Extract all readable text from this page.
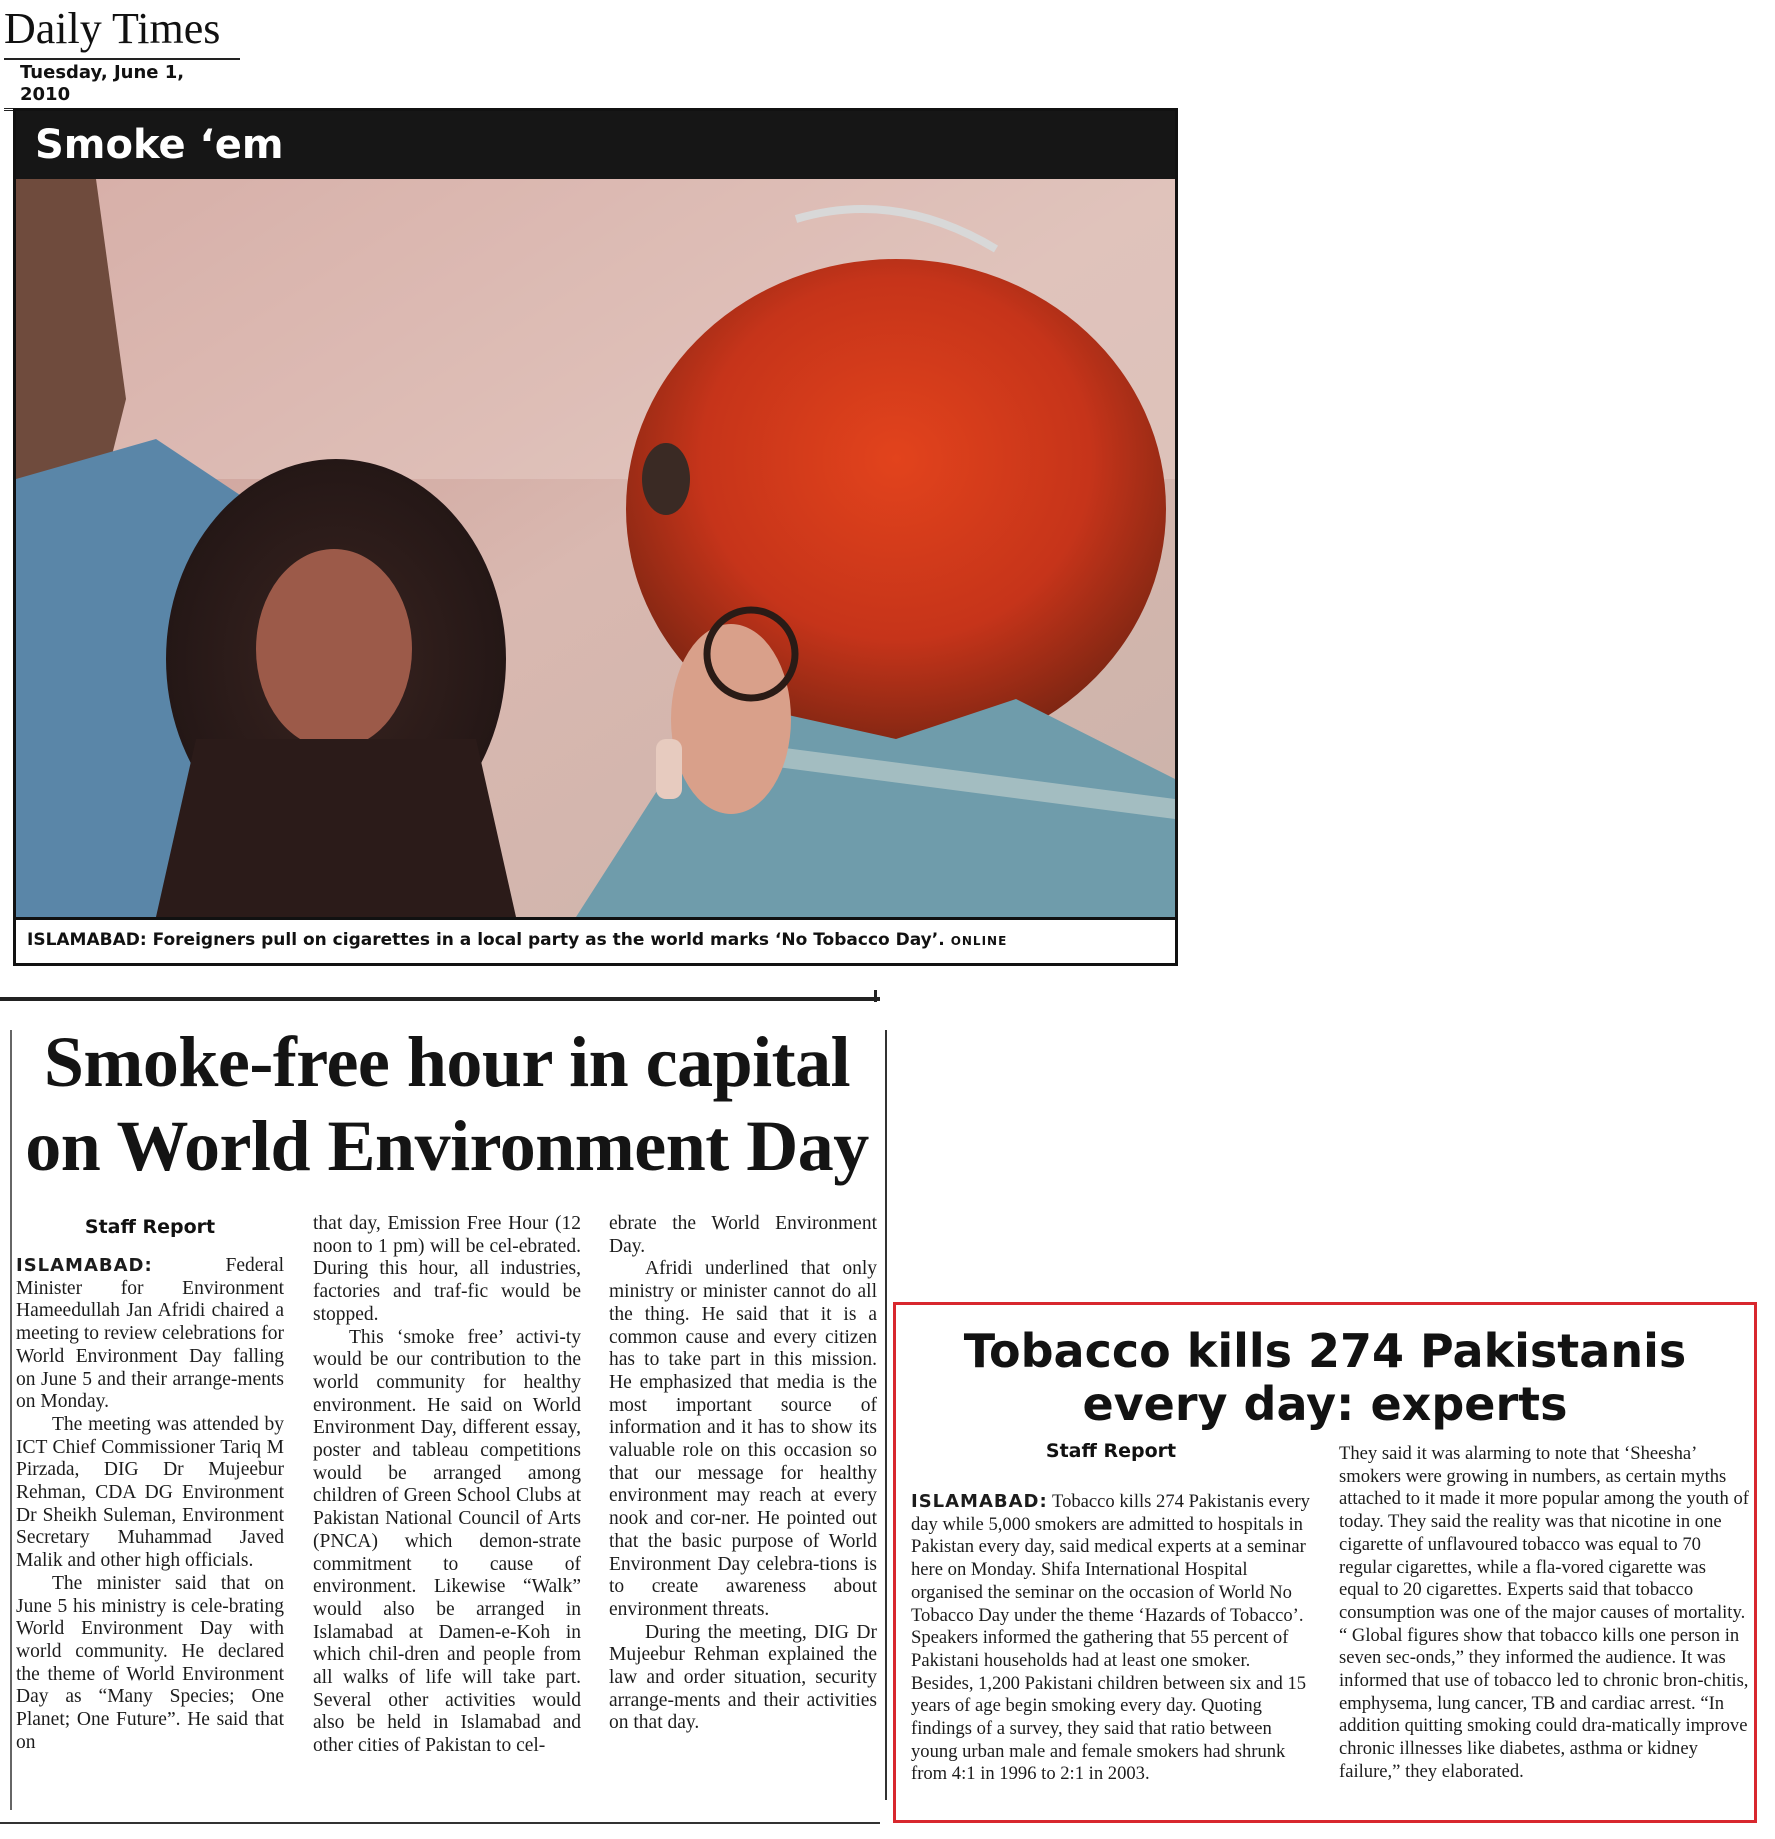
Daily Times
Tuesday, June 1, 2010
Smoke ‘em
ISLAMABAD: Foreigners pull on cigarettes in a local party as the world marks ‘No Tobacco Day’. ONLINE
Smoke-free hour in capital
on World Environment Day
Staff Report

ISLAMABAD:	Federal Minister for Environment Hameedullah Jan Afridi chaired a meeting to review celebrations for World Environment Day falling on June 5 and their arrange-ments on Monday.

The meeting was attended by ICT Chief Commissioner Tariq M Pirzada, DIG Dr Mujeebur Rehman, CDA DG Environment Dr Sheikh Suleman, Environment Secretary Muhammad Javed Malik and other high officials.

The minister said that on June 5 his ministry is cele-brating World Environment Day with world community. He declared the theme of World Environment Day as “Many Species; One Planet; One Future”. He said that on

that day, Emission Free Hour (12 noon to 1 pm) will be cel-ebrated. During this hour, all industries, factories and traf-fic would be stopped.

This ‘smoke free’ activi-ty would be our contribution to the world community for healthy environment. He said on World Environment Day, different essay, poster and tableau competitions would be arranged among children of Green School Clubs at Pakistan National Council of Arts (PNCA) which demon-strate commitment to cause of environment. Likewise “Walk” would also be arranged in Islamabad at Damen-e-Koh in which chil-dren and people from all walks of life will take part. Several other activities would also be held in Islamabad and other cities of Pakistan to cel-

ebrate the World Environment Day.

Afridi underlined that only ministry or minister cannot do all the thing. He said that it is a common cause and every citizen has to take part in this mission. He emphasized that media is the most important source of information and it has to show its valuable role on this occasion so that our message for healthy environment may reach at every nook and cor-ner. He pointed out that the basic purpose of World Environment Day celebra-tions is to create awareness about environment threats.

During the meeting, DIG Dr Mujeebur Rehman explained the law and order situation, security arrange-ments and their activities on that day.

Tobacco kills 274 Pakistanis
every day: experts
Staff Report

ISLAMABAD: Tobacco kills 274 Pakistanis every day while 5,000 smokers are admitted to hospitals in Pakistan every day, said medical experts at a seminar here on Monday. Shifa International Hospital organised the seminar on the occasion of World No Tobacco Day under the theme ‘Hazards of Tobacco’. Speakers informed the gathering that 55 percent of Pakistani households had at least one smoker. Besides, 1,200 Pakistani children between six and 15 years of age begin smoking every day. Quoting findings of a survey, they said that ratio between young urban male and female smokers had shrunk from 4:1 in 1996 to 2:1 in 2003.

They said it was alarming to note that ‘Sheesha’ smokers were growing in numbers, as certain myths attached to it made it more popular among the youth of today. They said the reality was that nicotine in one cigarette of unflavoured tobacco was equal to 70 regular cigarettes, while a fla-vored cigarette was equal to 20 cigarettes. Experts said that tobacco consumption was one of the major causes of mortality. “ Global figures show that tobacco kills one person in seven sec-onds,” they informed the audience. It was informed that use of tobacco led to chronic bron-chitis, emphysema, lung cancer, TB and cardiac arrest. “In addition quitting smoking could dra-matically improve chronic illnesses like diabetes, asthma or kidney failure,” they elaborated.
